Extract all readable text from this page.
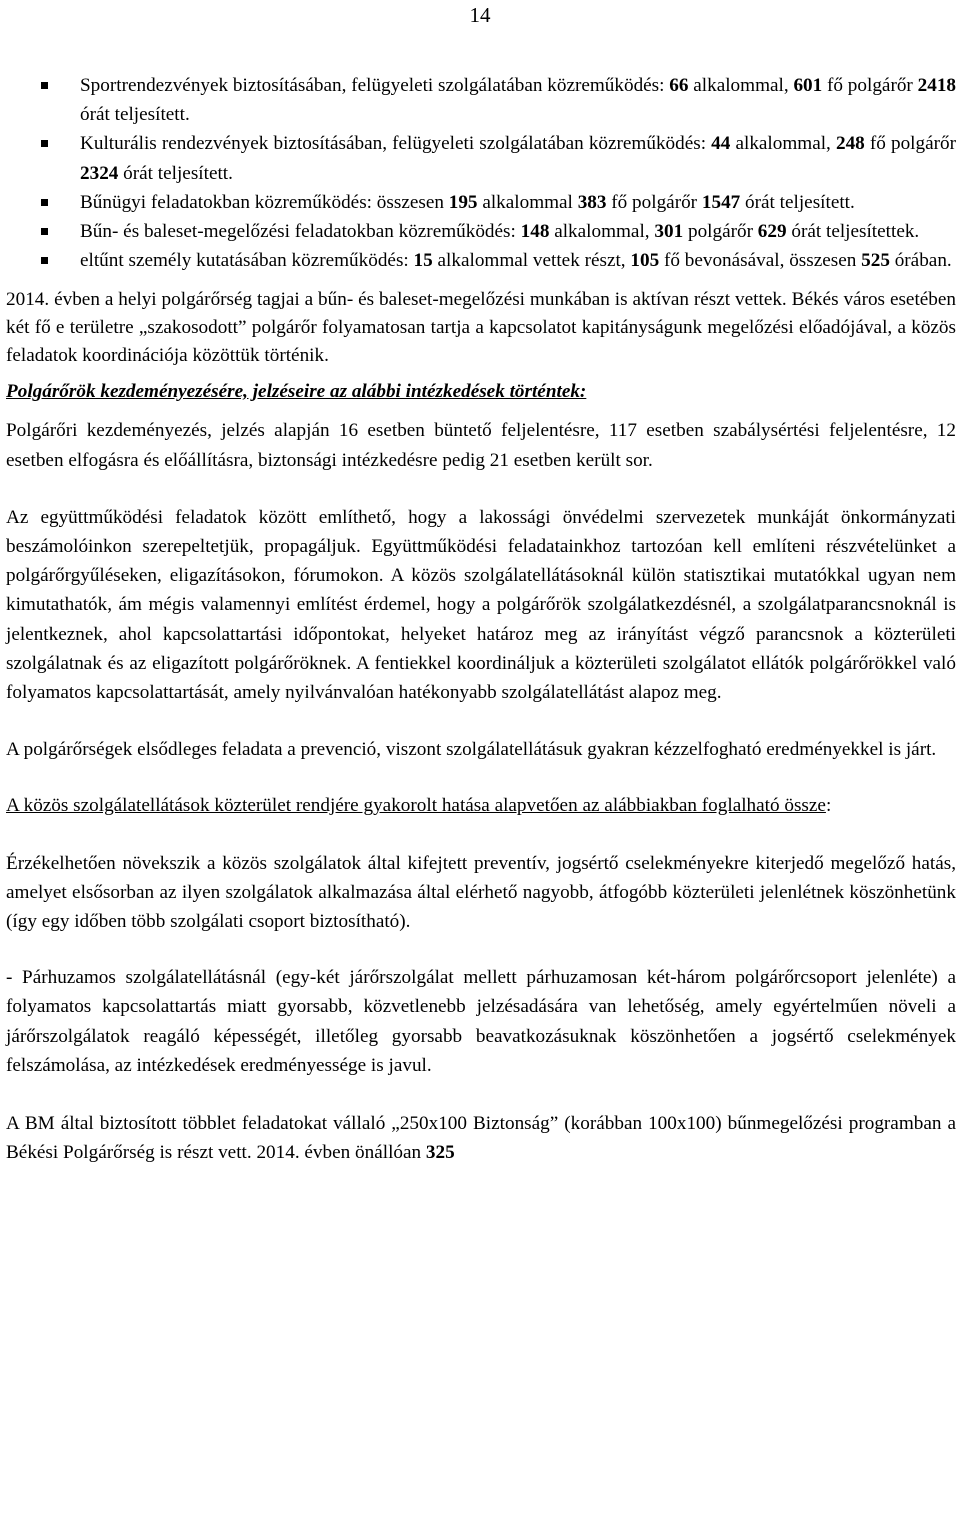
14
Sportrendezvények biztosításában, felügyeleti szolgálatában közreműködés: 66 alkalommal, 601 fő polgárőr 2418 órát teljesített.
Kulturális rendezvények biztosításában, felügyeleti szolgálatában közreműködés: 44 alkalommal, 248 fő polgárőr 2324 órát teljesített.
Bűnügyi feladatokban közreműködés: összesen 195 alkalommal 383 fő polgárőr 1547 órát teljesített.
Bűn- és baleset-megelőzési feladatokban közreműködés: 148 alkalommal, 301 polgárőr 629 órát teljesítettek.
eltűnt személy kutatásában közreműködés: 15 alkalommal vettek részt, 105 fő bevonásával, összesen 525 órában.

2014. évben a helyi polgárőrség tagjai a bűn- és baleset-megelőzési munkában is aktívan részt vettek. Békés város esetében két fő e területre „szakosodott” polgárőr folyamatosan tartja a kapcsolatot kapitányságunk megelőzési előadójával, a közös feladatok koordinációja közöttük történik.

Polgárőrök kezdeményezésére, jelzéseire az alábbi intézkedések történtek:

Polgárőri kezdeményezés, jelzés alapján 16 esetben büntető feljelentésre, 117 esetben szabálysértési feljelentésre, 12 esetben elfogásra és előállításra, biztonsági intézkedésre pedig 21 esetben került sor.

Az együttműködési feladatok között említhető, hogy a lakossági önvédelmi szervezetek munkáját önkormányzati beszámolóinkon szerepeltetjük, propagáljuk. Együttműködési feladatainkhoz tartozóan kell említeni részvételünket a polgárőrgyűléseken, eligazításokon, fórumokon. A közös szolgálatellátásoknál külön statisztikai mutatókkal ugyan nem kimutathatók, ám mégis valamennyi említést érdemel, hogy a polgárőrök szolgálatkezdésnél, a szolgálatparancsnoknál is jelentkeznek, ahol kapcsolattartási időpontokat, helyeket határoz meg az irányítást végző parancsnok a közterületi szolgálatnak és az eligazított polgárőröknek. A fentiekkel koordináljuk a közterületi szolgálatot ellátók polgárőrökkel való folyamatos kapcsolattartását, amely nyilvánvalóan hatékonyabb szolgálatellátást alapoz meg.

A polgárőrségek elsődleges feladata a prevenció, viszont szolgálatellátásuk gyakran kézzelfogható eredményekkel is járt.

A közös szolgálatellátások közterület rendjére gyakorolt hatása alapvetően az alábbiakban foglalható össze:

Érzékelhetően növekszik a közös szolgálatok által kifejtett preventív, jogsértő cselekményekre kiterjedő megelőző hatás, amelyet elsősorban az ilyen szolgálatok alkalmazása által elérhető nagyobb, átfogóbb közterületi jelenlétnek köszönhetünk (így egy időben több szolgálati csoport biztosítható).

- Párhuzamos szolgálatellátásnál (egy-két járőrszolgálat mellett párhuzamosan két-három polgárőrcsoport jelenléte) a folyamatos kapcsolattartás miatt gyorsabb, közvetlenebb jelzésadására van lehetőség, amely egyértelműen növeli a járőrszolgálatok reagáló képességét, illetőleg gyorsabb beavatkozásuknak köszönhetően a jogsértő cselekmények felszámolása, az intézkedések eredményessége is javul.

A BM által biztosított többlet feladatokat vállaló „250x100 Biztonság” (korábban 100x100) bűnmegelőzési programban a Békési Polgárőrség is részt vett. 2014. évben önállóan 325
